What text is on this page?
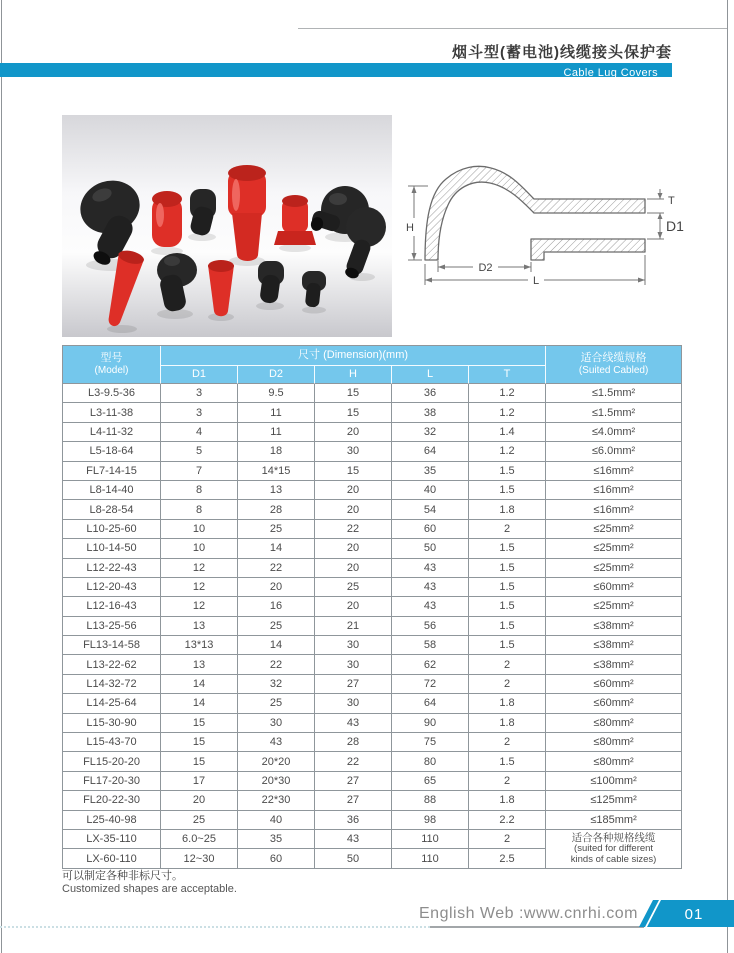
烟斗型(蓄电池)线缆接头保护套
Cable Lug Covers
H
D2
L
T
D1
型号
(Model)
	尺寸 (Dimension)(mm)	适合线缆规格
(Suited Cabled)

	D1	D2	H	L	T	
L3-9.5-36	3	9.5	15	36	1.2	≤1.5mm²
L3-11-38	3	11	15	38	1.2	≤1.5mm²
L4-11-32	4	11	20	32	1.4	≤4.0mm²
L5-18-64	5	18	30	64	1.2	≤6.0mm²
FL7-14-15	7	14*15	15	35	1.5	≤16mm²
L8-14-40	8	13	20	40	1.5	≤16mm²
L8-28-54	8	28	20	54	1.8	≤16mm²
L10-25-60	10	25	22	60	2	≤25mm²
L10-14-50	10	14	20	50	1.5	≤25mm²
L12-22-43	12	22	20	43	1.5	≤25mm²
L12-20-43	12	20	25	43	1.5	≤60mm²
L12-16-43	12	16	20	43	1.5	≤25mm²
L13-25-56	13	25	21	56	1.5	≤38mm²
FL13-14-58	13*13	14	30	58	1.5	≤38mm²
L13-22-62	13	22	30	62	2	≤38mm²
L14-32-72	14	32	27	72	2	≤60mm²
L14-25-64	14	25	30	64	1.8	≤60mm²
L15-30-90	15	30	43	90	1.8	≤80mm²
L15-43-70	15	43	28	75	2	≤80mm²
FL15-20-20	15	20*20	22	80	1.5	≤80mm²
FL17-20-30	17	20*30	27	65	2	≤100mm²
FL20-22-30	20	22*30	27	88	1.8	≤125mm²
L25-40-98	25	40	36	98	2.2	≤185mm²
LX-35-110	6.0~25	35	43	110	2	适合各种规格线缆
(suited for different
kinds of cable sizes)

LX-60-110	12~30	60	50	110	2.5	
可以制定各种非标尺寸。
Customized shapes are acceptable.
English Web :www.cnrhi.com	01
